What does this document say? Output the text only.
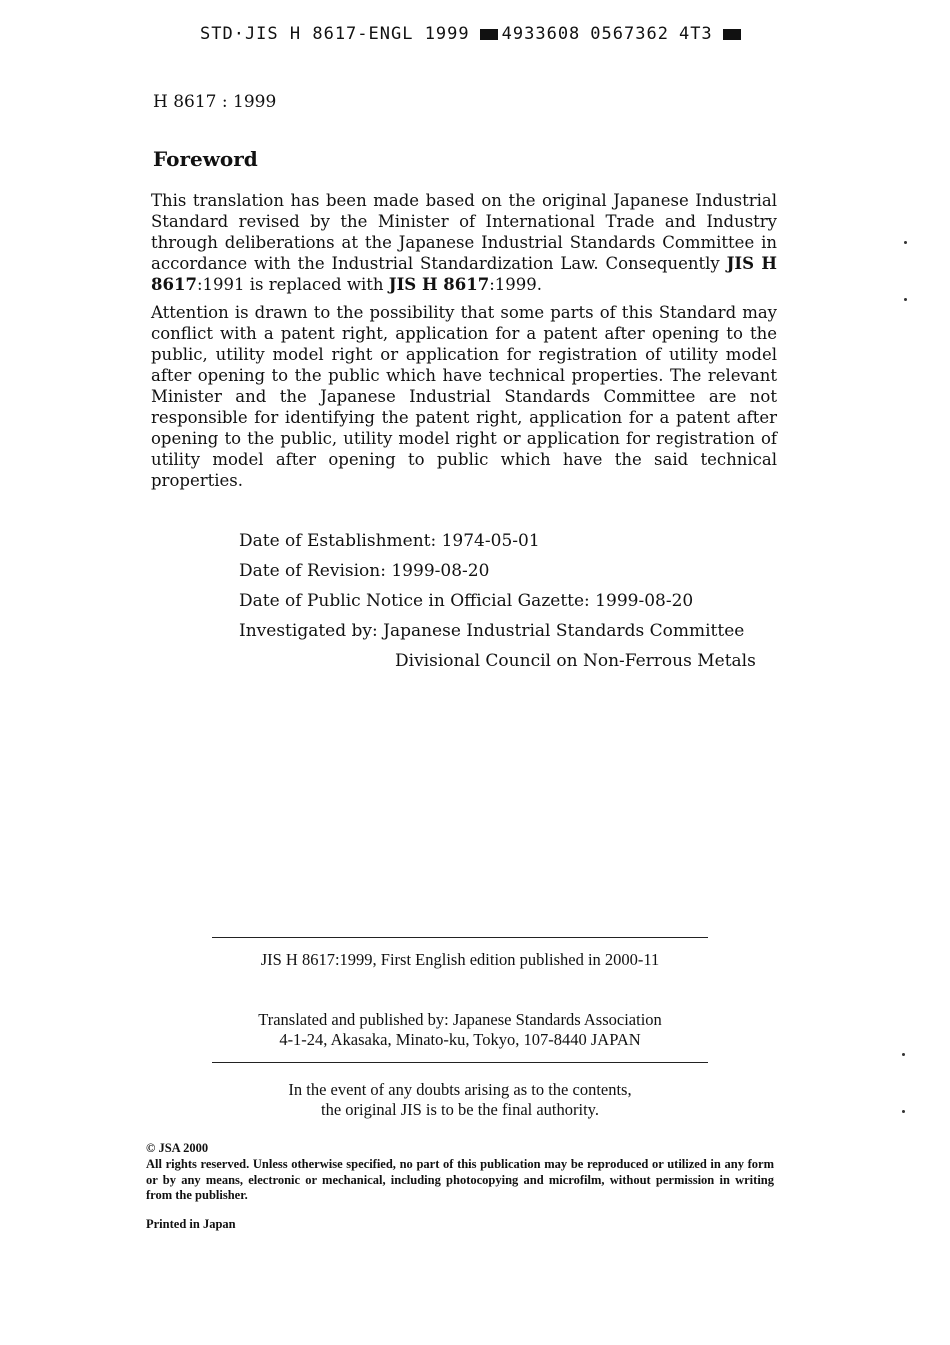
STD·JIS H 8617-ENGL 1999 4933608 0567362 4T3
H 8617 : 1999
Foreword

This translation has been made based on the original Japanese Industrial Standard revised by the Minister of International Trade and Industry through deliberations at the Japanese Industrial Standards Committee in accordance with the Industrial Standardization Law. Consequently JIS H 8617:1991 is replaced with JIS H 8617:1999.

Attention is drawn to the possibility that some parts of this Standard may conflict with a patent right, application for a patent after opening to the public, utility model right or application for registration of utility model after opening to the public which have technical properties. The relevant Minister and the Japanese Industrial Standards Committee are not responsible for identifying the patent right, application for a patent after opening to the public, utility model right or application for registration of utility model after opening to public which have the said technical properties.

Date of Establishment: 1974-05-01
Date of Revision: 1999-08-20
Date of Public Notice in Official Gazette: 1999-08-20
Investigated by: Japanese Industrial Standards Committee
Divisional Council on Non-Ferrous Metals
JIS H 8617:1999, First English edition published in 2000-11
Translated and published by: Japanese Standards Association
4-1-24, Akasaka, Minato-ku, Tokyo, 107-8440 JAPAN
In the event of any doubts arising as to the contents,
the original JIS is to be the final authority.
© JSA 2000
All rights reserved. Unless otherwise specified, no part of this publication may be reproduced or utilized in any form or by any means, electronic or mechanical, including photocopying and microfilm, without permission in writing from the publisher.
Printed in Japan
